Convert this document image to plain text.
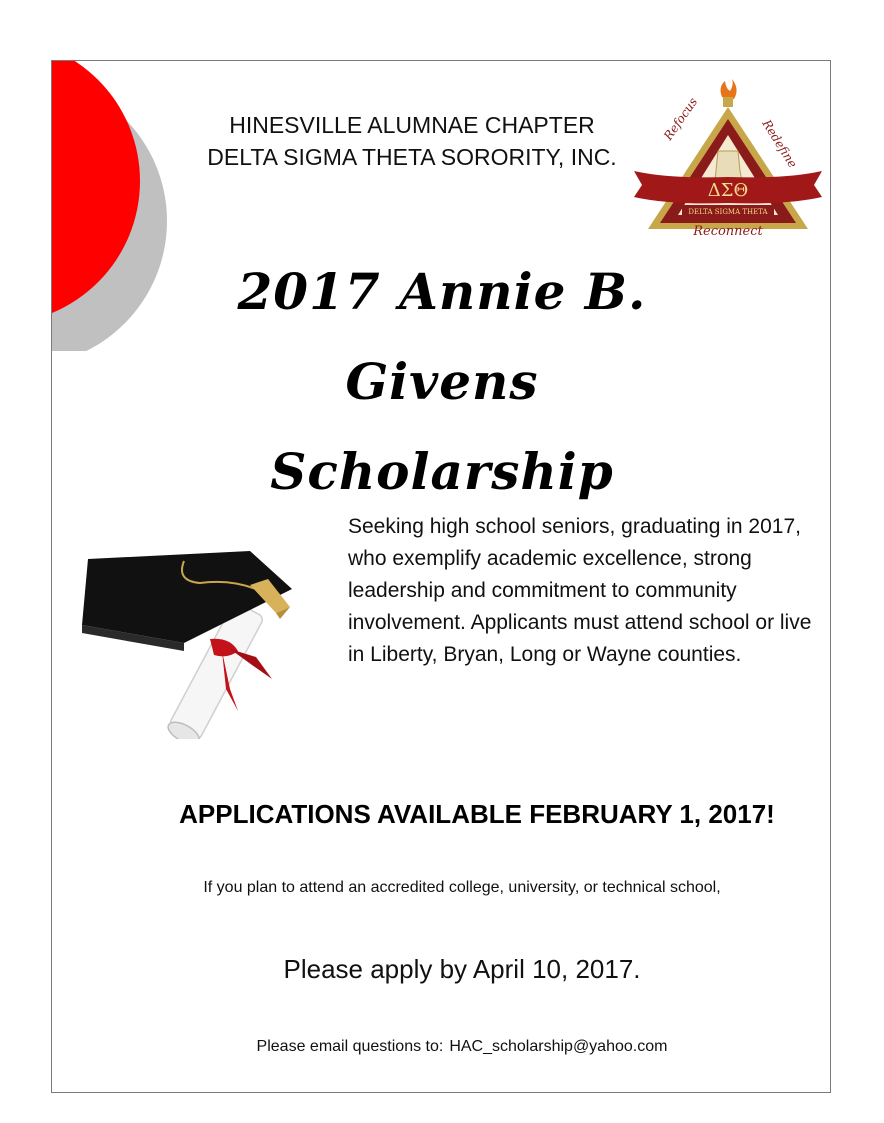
HINESVILLE ALUMNAE CHAPTER
DELTA SIGMA THETA SORORITY, INC.
ΔΣΘ
DELTA SIGMA THETA
Refocus	Redefine
Reconnect
2017 Annie B. Givens
Scholarship
Seeking high school seniors, graduating in 2017, who exemplify academic excellence, strong leadership and commitment to community involvement. Applicants must attend school or live in Liberty, Bryan, Long or Wayne counties.
APPLICATIONS AVAILABLE FEBRUARY 1, 2017!
If you plan to attend an accredited college, university, or technical school,
Please apply by April 10, 2017.
Please email questions to: HAC_scholarship@yahoo.com
